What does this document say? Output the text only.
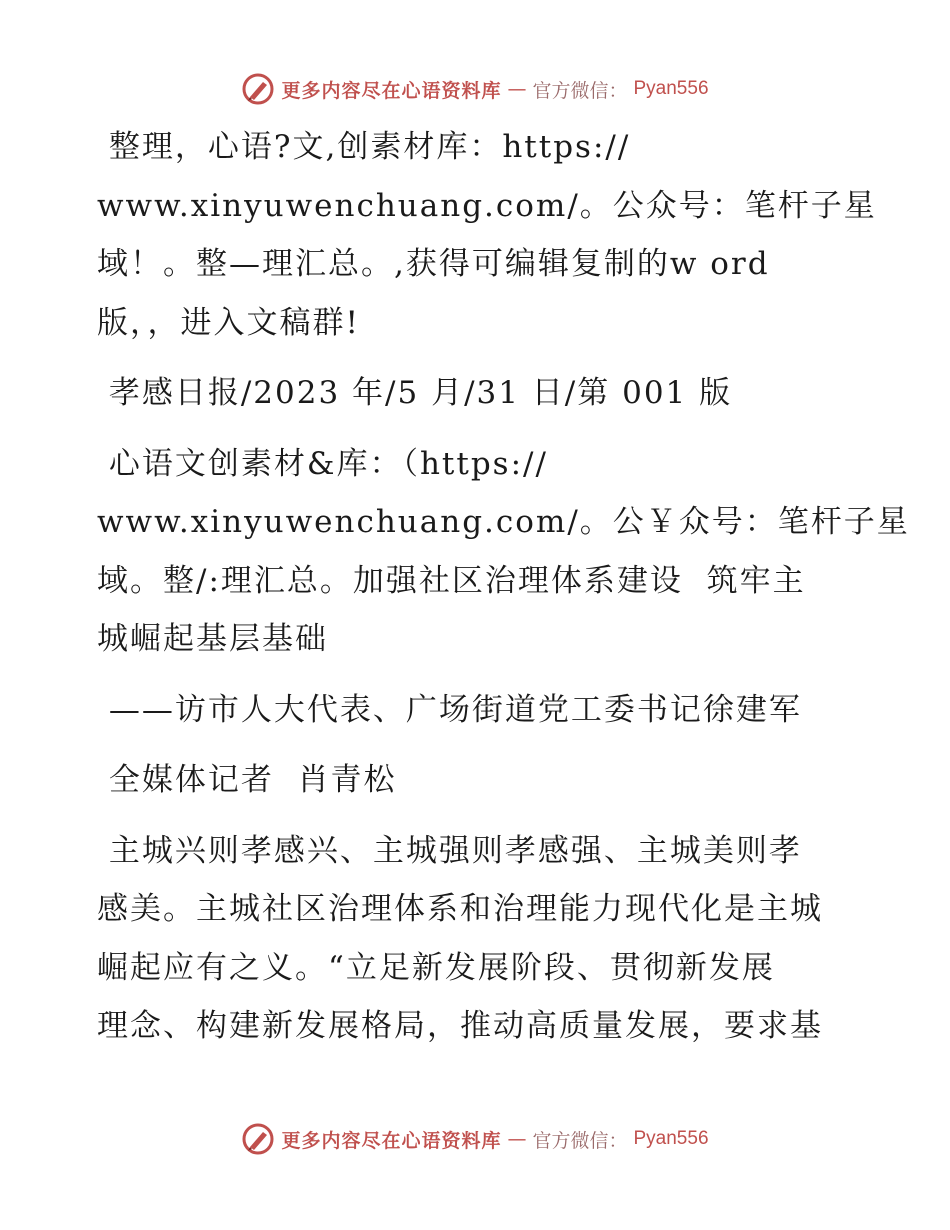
更多内容尽在心语资料库 — 官方微信： Pyan556
整理，心语?文,创素材库：https://
www.xinyuwenchuang.com/。公众号：笔杆子星
域！。整—理汇总。,获得可编辑复制的w ord
版，，进入文稿群!
孝感日报/2023 年/5 月/31 日/第 001 版
心语文创素材&库：（https://
www.xinyuwenchuang.com/。公￥众号：笔杆子星
域。整/:理汇总。加强社区治理体系建设  筑牢主
城崛起基层基础
——访市人大代表、广场街道党工委书记徐建军
全媒体记者  肖青松
主城兴则孝感兴、主城强则孝感强、主城美则孝
感美。主城社区治理体系和治理能力现代化是主城
崛起应有之义。“立足新发展阶段、贯彻新发展
理念、构建新发展格局，推动高质量发展，要求基
更多内容尽在心语资料库 — 官方微信： Pyan556
